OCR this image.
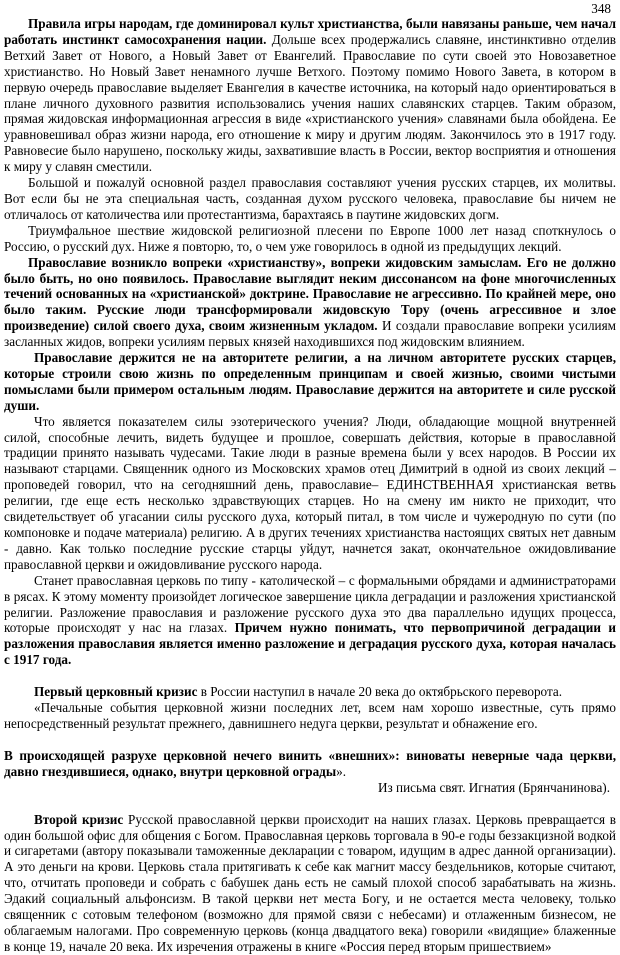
348

Правила игры народам, где доминировал культ христианства, были навязаны раньше, чем начал работать инстинкт самосохранения нации. Дольше всех продержались славяне, инстинктивно отделив Ветхий Завет от Нового, а Новый Завет от Евангелий. Православие по сути своей это Новозаветное христианство. Но Новый Завет ненамного лучше Ветхого. Поэтому помимо Нового Завета, в котором в первую очередь православие выделяет Евангелия в качестве источника, на который надо ориентироваться в плане личного духовного развития использовались учения наших славянских старцев. Таким образом, прямая жидовская информационная агрессия в виде «христианского учения» славянами была обойдена. Ее уравновешивал образ жизни народа, его отношение к миру и другим людям. Закончилось это в 1917 году. Равновесие было нарушено, поскольку жиды, захватившие власть в России, вектор восприятия и отношения к миру у славян сместили.

Большой и пожалуй основной раздел православия составляют учения русских старцев, их молитвы. Вот если бы не эта специальная часть, созданная духом русского человека, православие бы ничем не отличалось от католичества или протестантизма, барахтаясь в паутине жидовских догм.

Триумфальное шествие жидовской религиозной плесени по Европе 1000 лет назад споткнулось о Россию, о русский дух. Ниже я повторю, то, о чем уже говорилось в одной из предыдущих лекций.

Православие возникло вопреки «христианству», вопреки жидовским замыслам. Его не должно было быть, но оно появилось. Православие выглядит неким диссонансом на фоне многочисленных течений основанных на «христианской» доктрине. Православие не агрессивно. По крайней мере, оно было таким. Русские люди трансформировали жидовскую Тору (очень агрессивное и злое произведение) силой своего духа, своим жизненным укладом. И создали православие вопреки усилиям засланных жидов, вопреки усилиям первых князей находившихся под жидовским влиянием.

Православие держится не на авторитете религии, а на личном авторитете русских старцев, которые строили свою жизнь по определенным принципам и своей жизнью, своими чистыми помыслами были примером остальным людям. Православие держится на авторитете и силе русской души.

Что является показателем силы эзотерического учения? Люди, обладающие мощной внутренней силой, способные лечить, видеть будущее и прошлое, совершать действия, которые в православной традиции принято называть чудесами. Такие люди в разные времена были у всех народов. В России их называют старцами. Священник одного из Московских храмов отец Димитрий в одной из своих лекций – проповедей говорил, что на сегодняшний день, православие– ЕДИНСТВЕННАЯ христианская ветвь религии, где еще есть несколько здравствующих старцев. Но на смену им никто не приходит, что свидетельствует об угасании силы русского духа, который питал, в том числе и чужеродную по сути (по компоновке и подаче материала) религию. А в других течениях христианства настоящих святых нет давным - давно. Как только последние русские старцы уйдут, начнется закат, окончательное ожидовливание православной церкви и ожидовливание русского народа.

Станет православная церковь по типу - католической – с формальными обрядами и администраторами в рясах. К этому моменту произойдет логическое завершение цикла деградации и разложения христианской религии. Разложение православия и разложение русского духа это два параллельно идущих процесса, которые происходят у нас на глазах. Причем нужно понимать, что первопричиной деградации и разложения православия является именно разложение и деградация русского духа, которая началась с 1917 года.

Первый церковный кризис в России наступил в начале 20 века до октябрьского переворота.

«Печальные события церковной жизни последних лет, всем нам хорошо известные, суть прямо непосредственный результат прежнего, давнишнего недуга церкви, результат и обнажение его.

В происходящей разрухе церковной нечего винить «внешних»: виноваты неверные чада церкви, давно гнездившиеся, однако, внутри церковной ограды».

Из письма свят. Игнатия (Брянчанинова).

Второй кризис Русской православной церкви происходит на наших глазах. Церковь превращается в один большой офис для общения с Богом. Православная церковь торговала в 90-е годы беззакцизной водкой и сигаретами (автору показывали таможенные декларации с товаром, идущим в адрес данной организации). А это деньги на крови. Церковь стала притягивать к себе как магнит массу бездельников, которые считают, что, отчитать проповеди и собрать с бабушек дань есть не самый плохой способ зарабатывать на жизнь. Эдакий социальный альфонсизм. В такой церкви нет места Богу, и не остается места человеку, только священник с сотовым телефоном (возможно для прямой связи с небесами) и отлаженным бизнесом, не облагаемым налогами. Про современную церковь (конца двадцатого века) говорили «видящие» блаженные в конце 19, начале 20 века. Их изречения отражены в книге «Россия перед вторым пришествием»
